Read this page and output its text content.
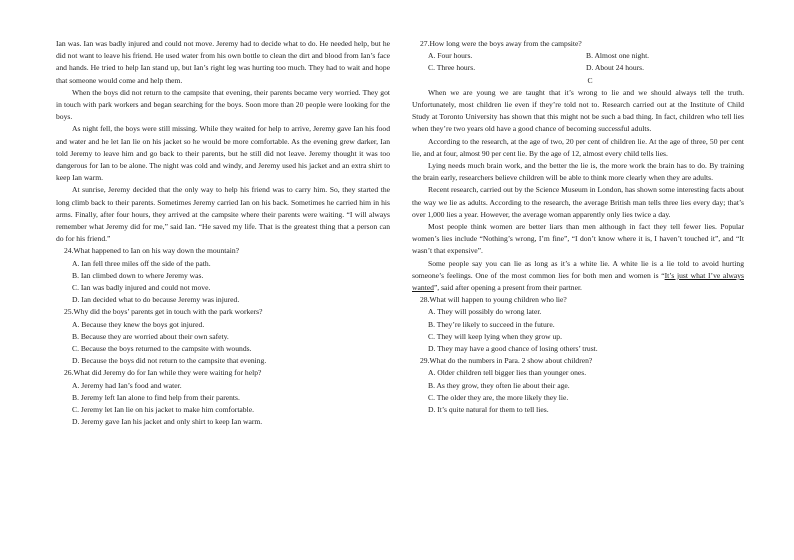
Ian was. Ian was badly injured and could not move. Jeremy had to decide what to do. He needed help, but he did not want to leave his friend. He used water from his own bottle to clean the dirt and blood from Ian’s face and hands. He tried to help Ian stand up, but Ian’s right leg was hurting too much. They had to wait and hope that someone would come and help them.

When the boys did not return to the campsite that evening, their parents became very worried. They got in touch with park workers and began searching for the boys. Soon more than 20 people were looking for the boys.

As night fell, the boys were still missing. While they waited for help to arrive, Jeremy gave Ian his food and water and he let Ian lie on his jacket so he would be more comfortable. As the evening grew darker, Ian told Jeremy to leave him and go back to their parents, but he still did not leave. Jeremy thought it was too dangerous for Ian to be alone. The night was cold and windy, and Jeremy used his jacket and an extra shirt to keep Ian warm.

At sunrise, Jeremy decided that the only way to help his friend was to carry him. So, they started the long climb back to their parents. Sometimes Jeremy carried Ian on his back. Sometimes he carried him in his arms. Finally, after four hours, they arrived at the campsite where their parents were waiting. “I will always remember what Jeremy did for me,” said Ian. “He saved my life. That is the greatest thing that a person can do for his friend.”

24.What happened to Ian on his way down the mountain?

A. Ian fell three miles off the side of the path.

B. Ian climbed down to where Jeremy was.

C. Ian was badly injured and could not move.

D. Ian decided what to do because Jeremy was injured.

25.Why did the boys’ parents get in touch with the park workers?

A. Because they knew the boys got injured.

B. Because they are worried about their own safety.

C. Because the boys returned to the campsite with wounds.

D. Because the boys did not return to the campsite that evening.

26.What did Jeremy do for Ian while they were waiting for help?

A. Jeremy had Ian’s food and water.

B. Jeremy left Ian alone to find help from their parents.

C. Jeremy let Ian lie on his jacket to make him comfortable.

D. Jeremy gave Ian his jacket and only shirt to keep Ian warm.

27.How long were the boys away from the campsite?

A. Four hours.	B. Almost one night.
C. Three hours.	D. About 24 hours.

C

When we are young we are taught that it’s wrong to lie and we should always tell the truth. Unfortunately, most children lie even if they’re told not to. Research carried out at the Institute of Child Study at Toronto University has shown that this might not be such a bad thing. In fact, children who tell lies when they’re two years old have a good chance of becoming successful adults.

According to the research, at the age of two, 20 per cent of children lie. At the age of three, 50 per cent lie, and at four, almost 90 per cent lie. By the age of 12, almost every child tells lies.

Lying needs much brain work, and the better the lie is, the more work the brain has to do. By training the brain early, researchers believe children will be able to think more clearly when they are adults.

Recent research, carried out by the Science Museum in London, has shown some interesting facts about the way we lie as adults. According to the research, the average British man tells three lies every day; that’s over 1,000 lies a year. However, the average woman apparently only lies twice a day.

Most people think women are better liars than men although in fact they tell fewer lies. Popular women’s lies include “Nothing’s wrong, I’m fine”, “I don’t know where it is, I haven’t touched it”, and “It wasn’t that expensive”.

Some people say you can lie as long as it’s a white lie. A white lie is a lie told to avoid hurting someone’s feelings. One of the most common lies for both men and women is “It’s just what I’ve always wanted”, said after opening a present from their partner.

28.What will happen to young children who lie?

A. They will possibly do wrong later.

B. They’re likely to succeed in the future.

C. They will keep lying when they grow up.

D. They may have a good chance of losing others’ trust.

29.What do the numbers in Para. 2 show about children?

A. Older children tell bigger lies than younger ones.

B. As they grow, they often lie about their age.

C. The older they are, the more likely they lie.

D. It’s quite natural for them to tell lies.
